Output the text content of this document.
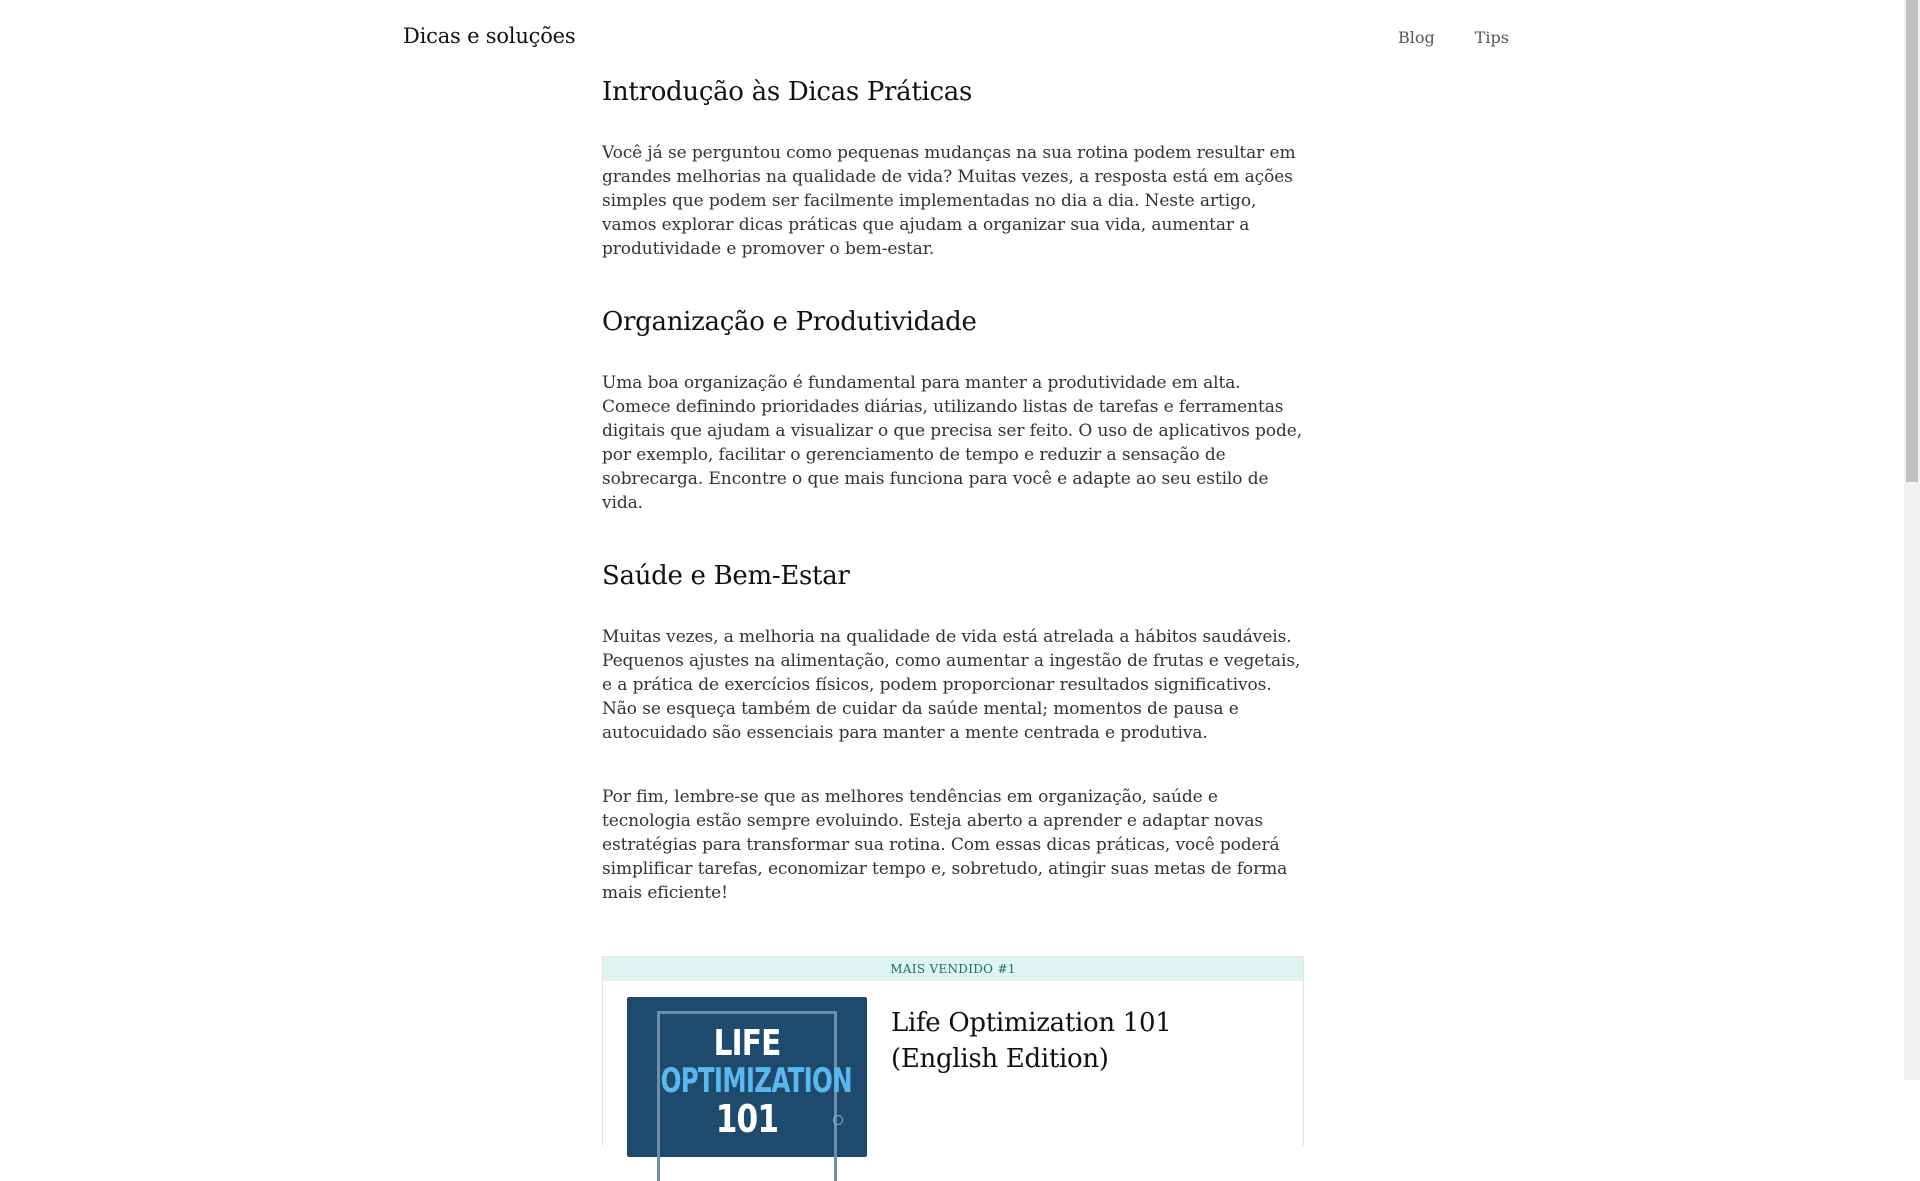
Dicas e soluções	Blog	Tips
Introdução às Dicas Práticas

Você já se perguntou como pequenas mudanças na sua rotina podem resultar em grandes melhorias na qualidade de vida? Muitas vezes, a resposta está em ações simples que podem ser facilmente implementadas no dia a dia. Neste artigo, vamos explorar dicas práticas que ajudam a organizar sua vida, aumentar a produtividade e promover o bem-estar.

Organização e Produtividade

Uma boa organização é fundamental para manter a produtividade em alta. Comece definindo prioridades diárias, utilizando listas de tarefas e ferramentas digitais que ajudam a visualizar o que precisa ser feito. O uso de aplicativos pode, por exemplo, facilitar o gerenciamento de tempo e reduzir a sensação de sobrecarga. Encontre o que mais funciona para você e adapte ao seu estilo de vida.

Saúde e Bem-Estar

Muitas vezes, a melhoria na qualidade de vida está atrelada a hábitos saudáveis. Pequenos ajustes na alimentação, como aumentar a ingestão de frutas e vegetais, e a prática de exercícios físicos, podem proporcionar resultados significativos. Não se esqueça também de cuidar da saúde mental; momentos de pausa e autocuidado são essenciais para manter a mente centrada e produtiva.

Por fim, lembre-se que as melhores tendências em organização, saúde e tecnologia estão sempre evoluindo. Esteja aberto a aprender e adaptar novas estratégias para transformar sua rotina. Com essas dicas práticas, você poderá simplificar tarefas, economizar tempo e, sobretudo, atingir suas metas de forma mais eficiente!

MAIS VENDIDO #1
LIFE
OPTIMIZATION
101
Life Optimization 101 (English Edition)
